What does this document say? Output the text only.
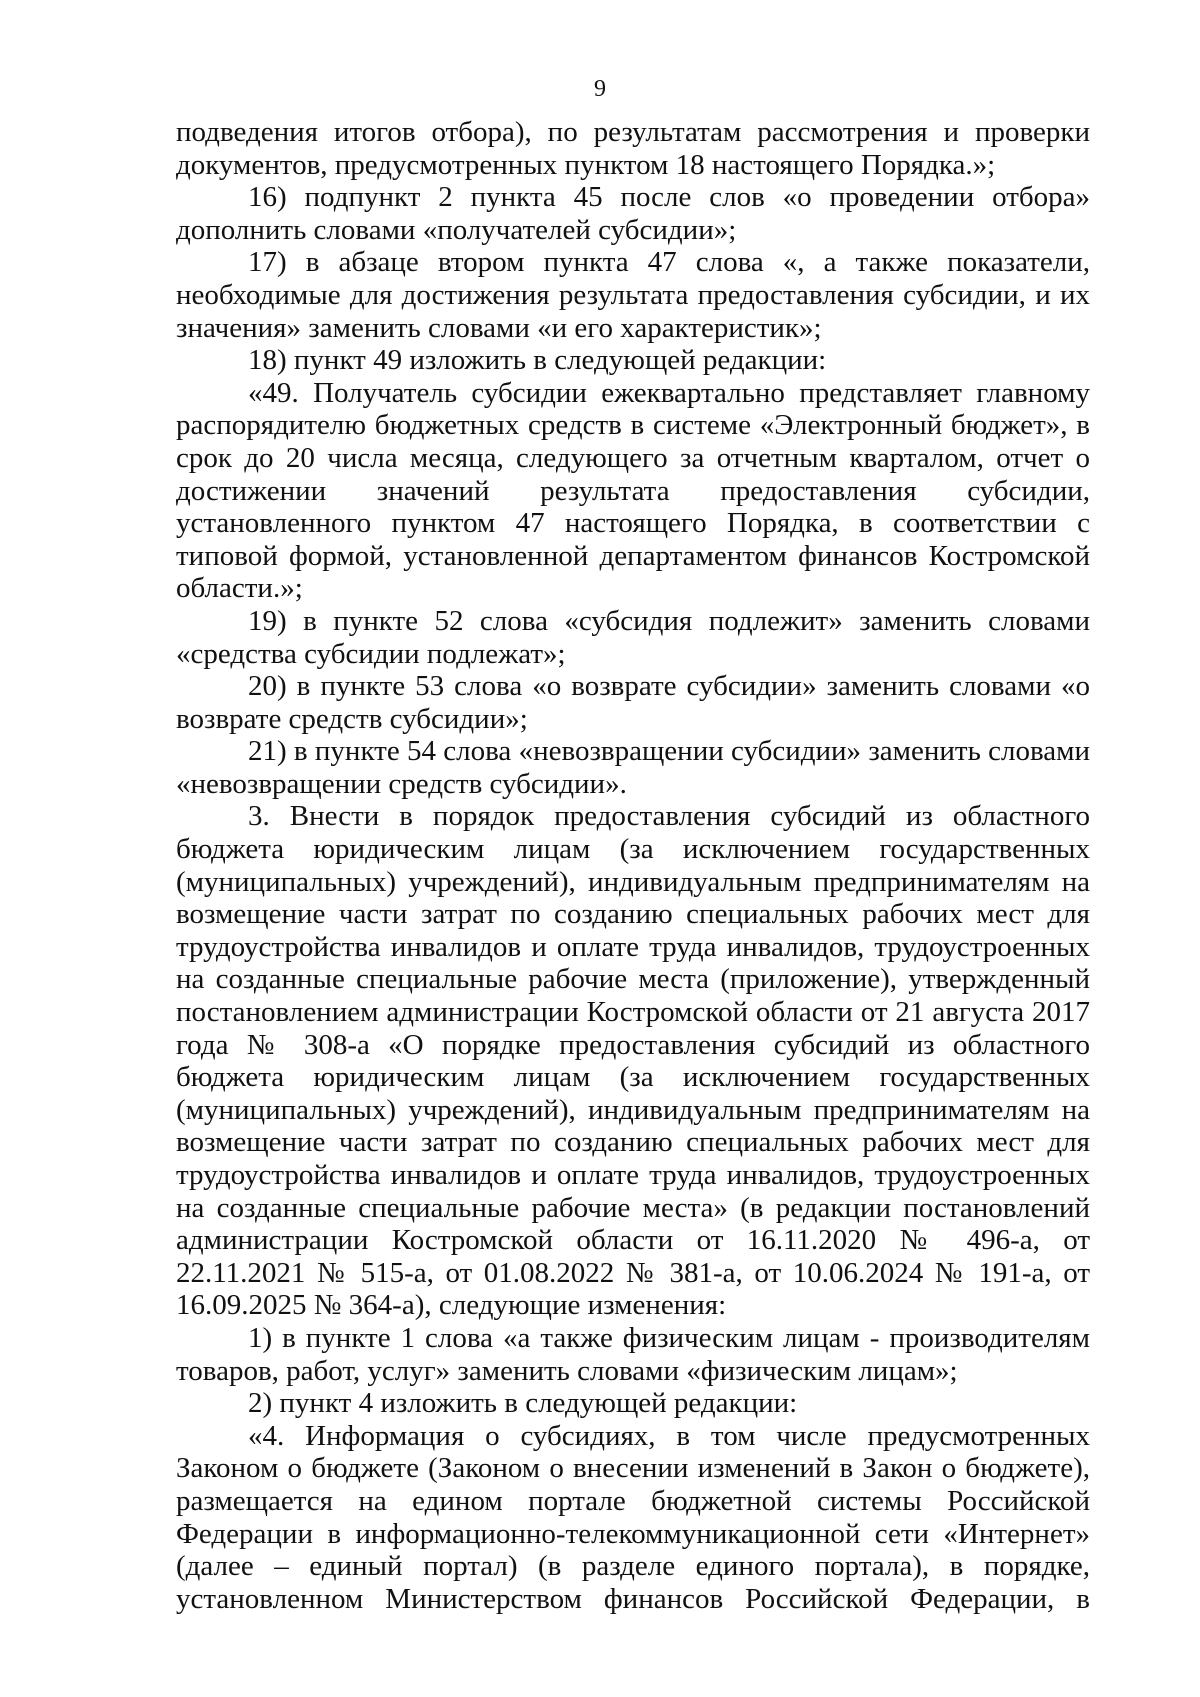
9

подведения итогов отбора), по результатам рассмотрения и проверки документов, предусмотренных пунктом 18 настоящего Порядка.»;

16) подпункт 2 пункта 45 после слов «о проведении отбора» дополнить словами «получателей субсидии»;

17) в абзаце втором пункта 47 слова «, а также показатели, необходимые для достижения результата предоставления субсидии, и их значения» заменить словами «и его характеристик»;

18) пункт 49 изложить в следующей редакции:

«49. Получатель субсидии ежеквартально представляет главному распорядителю бюджетных средств в системе «Электронный бюджет», в срок до 20 числа месяца, следующего за отчетным кварталом, отчет о достижении значений результата предоставления субсидии, установленного пунктом 47 настоящего Порядка, в соответствии с типовой формой, установленной департаментом финансов Костромской области.»;

19) в пункте 52 слова «субсидия подлежит» заменить словами «средства субсидии подлежат»;

20) в пункте 53 слова «о возврате субсидии» заменить словами «о возврате средств субсидии»;

21) в пункте 54 слова «невозвращении субсидии» заменить словами «невозвращении средств субсидии».

3. Внести в порядок предоставления субсидий из областного бюджета юридическим лицам (за исключением государственных (муниципальных) учреждений), индивидуальным предпринимателям на возмещение части затрат по созданию специальных рабочих мест для трудоустройства инвалидов и оплате труда инвалидов, трудоустроенных на созданные специальные рабочие места (приложение), утвержденный постановлением администрации Костромской области от 21 августа 2017 года № 308-а «О порядке предоставления субсидий из областного бюджета юридическим лицам (за исключением государственных (муниципальных) учреждений), индивидуальным предпринимателям на возмещение части затрат по созданию специальных рабочих мест для трудоустройства инвалидов и оплате труда инвалидов, трудоустроенных на созданные специальные рабочие места» (в редакции постановлений администрации Костромской области от 16.11.2020 № 496-а, от 22.11.2021 № 515-а, от 01.08.2022 № 381-а, от 10.06.2024 № 191-а, от 16.09.2025 № 364-а), следующие изменения:

1) в пункте 1 слова «а также физическим лицам - производителям товаров, работ, услуг» заменить словами «физическим лицам»;

2) пункт 4 изложить в следующей редакции:

«4. Информация о субсидиях, в том числе предусмотренных Законом о бюджете (Законом о внесении изменений в Закон о бюджете), размещается на едином портале бюджетной системы Российской Федерации в информационно-телекоммуникационной сети «Интернет» (далее – единый портал) (в разделе единого портала), в порядке, установленном Министерством финансов Российской Федерации, в
